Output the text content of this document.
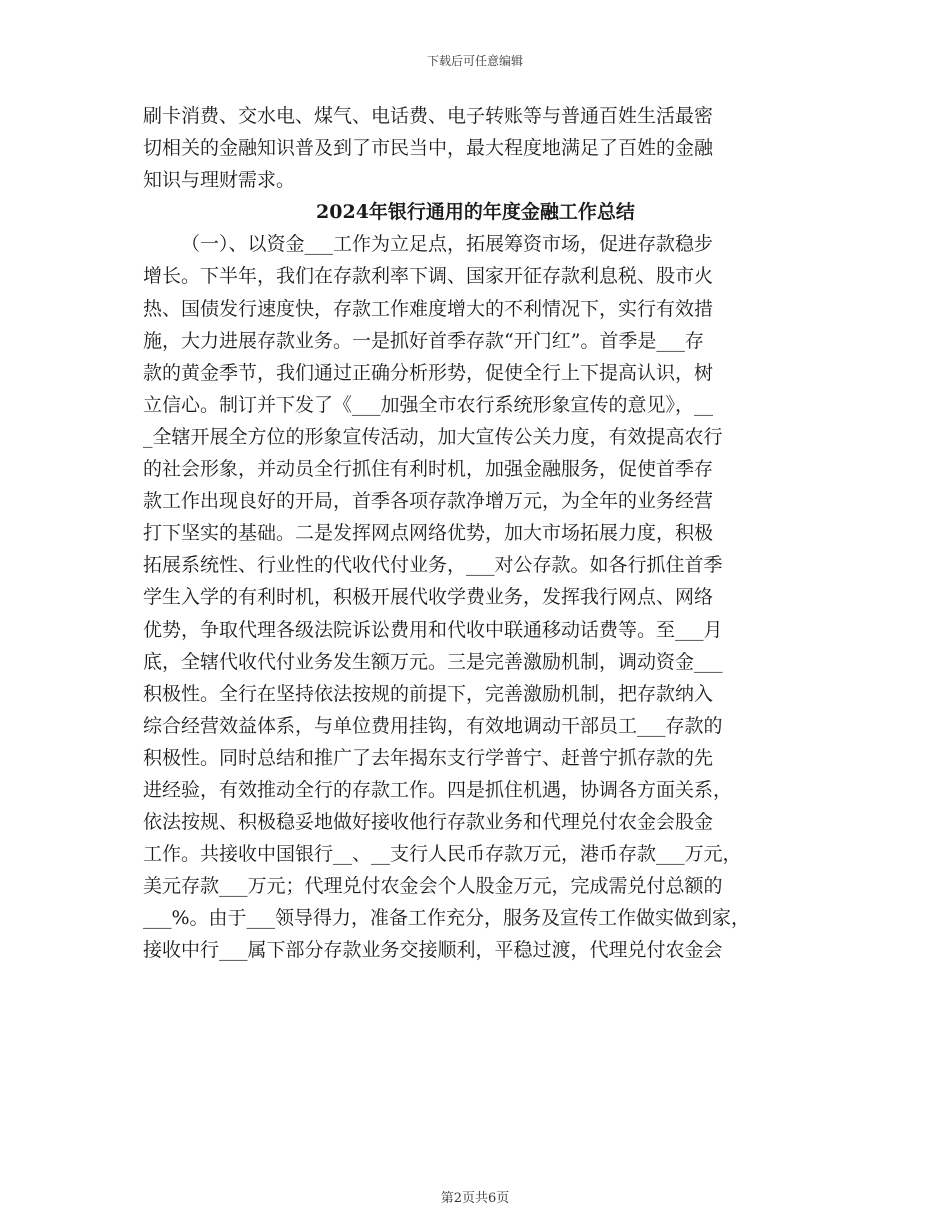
下载后可任意编辑
刷卡消费、交水电、煤气、电话费、电子转账等与普通百姓生活最密
切相关的金融知识普及到了市民当中，最大程度地满足了百姓的金融
知识与理财需求。
2024年银行通用的年度金融工作总结
（一）、以资金___工作为立足点，拓展筹资市场，促进存款稳步
增长。下半年，我们在存款利率下调、国家开征存款利息税、股市火
热、国债发行速度快，存款工作难度增大的不利情况下，实行有效措
施，大力进展存款业务。一是抓好首季存款“开门红”。首季是___存
款的黄金季节，我们通过正确分析形势，促使全行上下提高认识，树
立信心。制订并下发了《___加强全市农行系统形象宣传的意见》，__
_全辖开展全方位的形象宣传活动，加大宣传公关力度，有效提高农行
的社会形象，并动员全行抓住有利时机，加强金融服务，促使首季存
款工作出现良好的开局，首季各项存款净增万元，为全年的业务经营
打下坚实的基础。二是发挥网点网络优势，加大市场拓展力度，积极
拓展系统性、行业性的代收代付业务，___对公存款。如各行抓住首季
学生入学的有利时机，积极开展代收学费业务，发挥我行网点、网络
优势，争取代理各级法院诉讼费用和代收中联通移动话费等。至___月
底，全辖代收代付业务发生额万元。三是完善激励机制，调动资金___
积极性。全行在坚持依法按规的前提下，完善激励机制，把存款纳入
综合经营效益体系，与单位费用挂钩，有效地调动干部员工___存款的
积极性。同时总结和推广了去年揭东支行学普宁、赶普宁抓存款的先
进经验，有效推动全行的存款工作。四是抓住机遇，协调各方面关系，
依法按规、积极稳妥地做好接收他行存款业务和代理兑付农金会股金
工作。共接收中国银行__、__支行人民币存款万元，港币存款___万元，
美元存款___万元；代理兑付农金会个人股金万元，完成需兑付总额的
___%。由于___领导得力，准备工作充分，服务及宣传工作做实做到家，
接收中行___属下部分存款业务交接顺利，平稳过渡，代理兑付农金会
第2页共6页
